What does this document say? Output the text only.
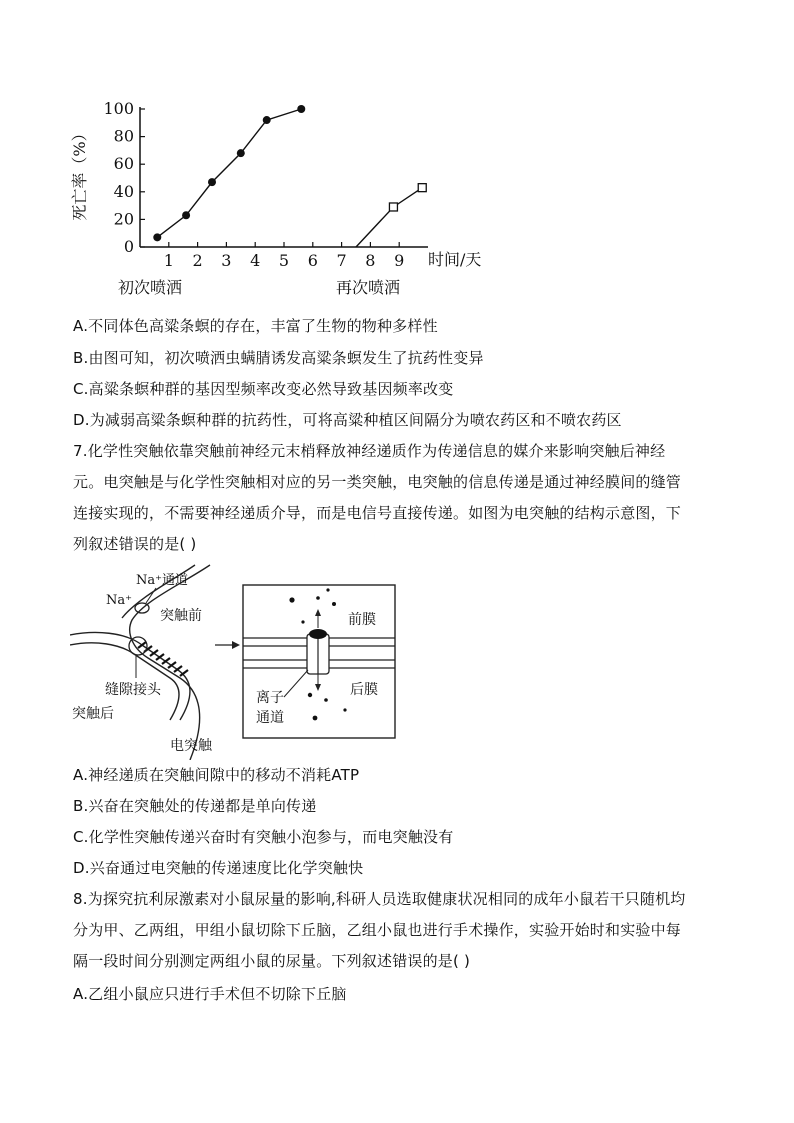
0
20
40
60
80
100
1 2 3 4 5 6 7 8 9
死亡率（%）
时间/天
初次喷洒	再次喷洒
A.不同体色高粱条螟的存在，丰富了生物的物种多样性
B.由图可知，初次喷洒虫螨腈诱发高粱条螟发生了抗药性变异
C.高粱条螟种群的基因型频率改变必然导致基因频率改变
D.为减弱高粱条螟种群的抗药性，可将高粱种植区间隔分为喷农药区和不喷农药区
7.化学性突触依靠突触前神经元末梢释放神经递质作为传递信息的媒介来影响突触后神经
元。电突触是与化学性突触相对应的另一类突触，电突触的信息传递是通过神经膜间的缝管
连接实现的，不需要神经递质介导，而是电信号直接传递。如图为电突触的结构示意图，下
列叙述错误的是( )
Na⁺通道
Na⁺
突触前
缝隙接头
突触后
电突触
前膜
后膜
离子
通道
A.神经递质在突触间隙中的移动不消耗ATP
B.兴奋在突触处的传递都是单向传递
C.化学性突触传递兴奋时有突触小泡参与，而电突触没有
D.兴奋通过电突触的传递速度比化学突触快
8.为探究抗利尿激素对小鼠尿量的影响,科研人员选取健康状况相同的成年小鼠若干只随机均
分为甲、乙两组，甲组小鼠切除下丘脑，乙组小鼠也进行手术操作，实验开始时和实验中每
隔一段时间分别测定两组小鼠的尿量。下列叙述错误的是( )
A.乙组小鼠应只进行手术但不切除下丘脑
